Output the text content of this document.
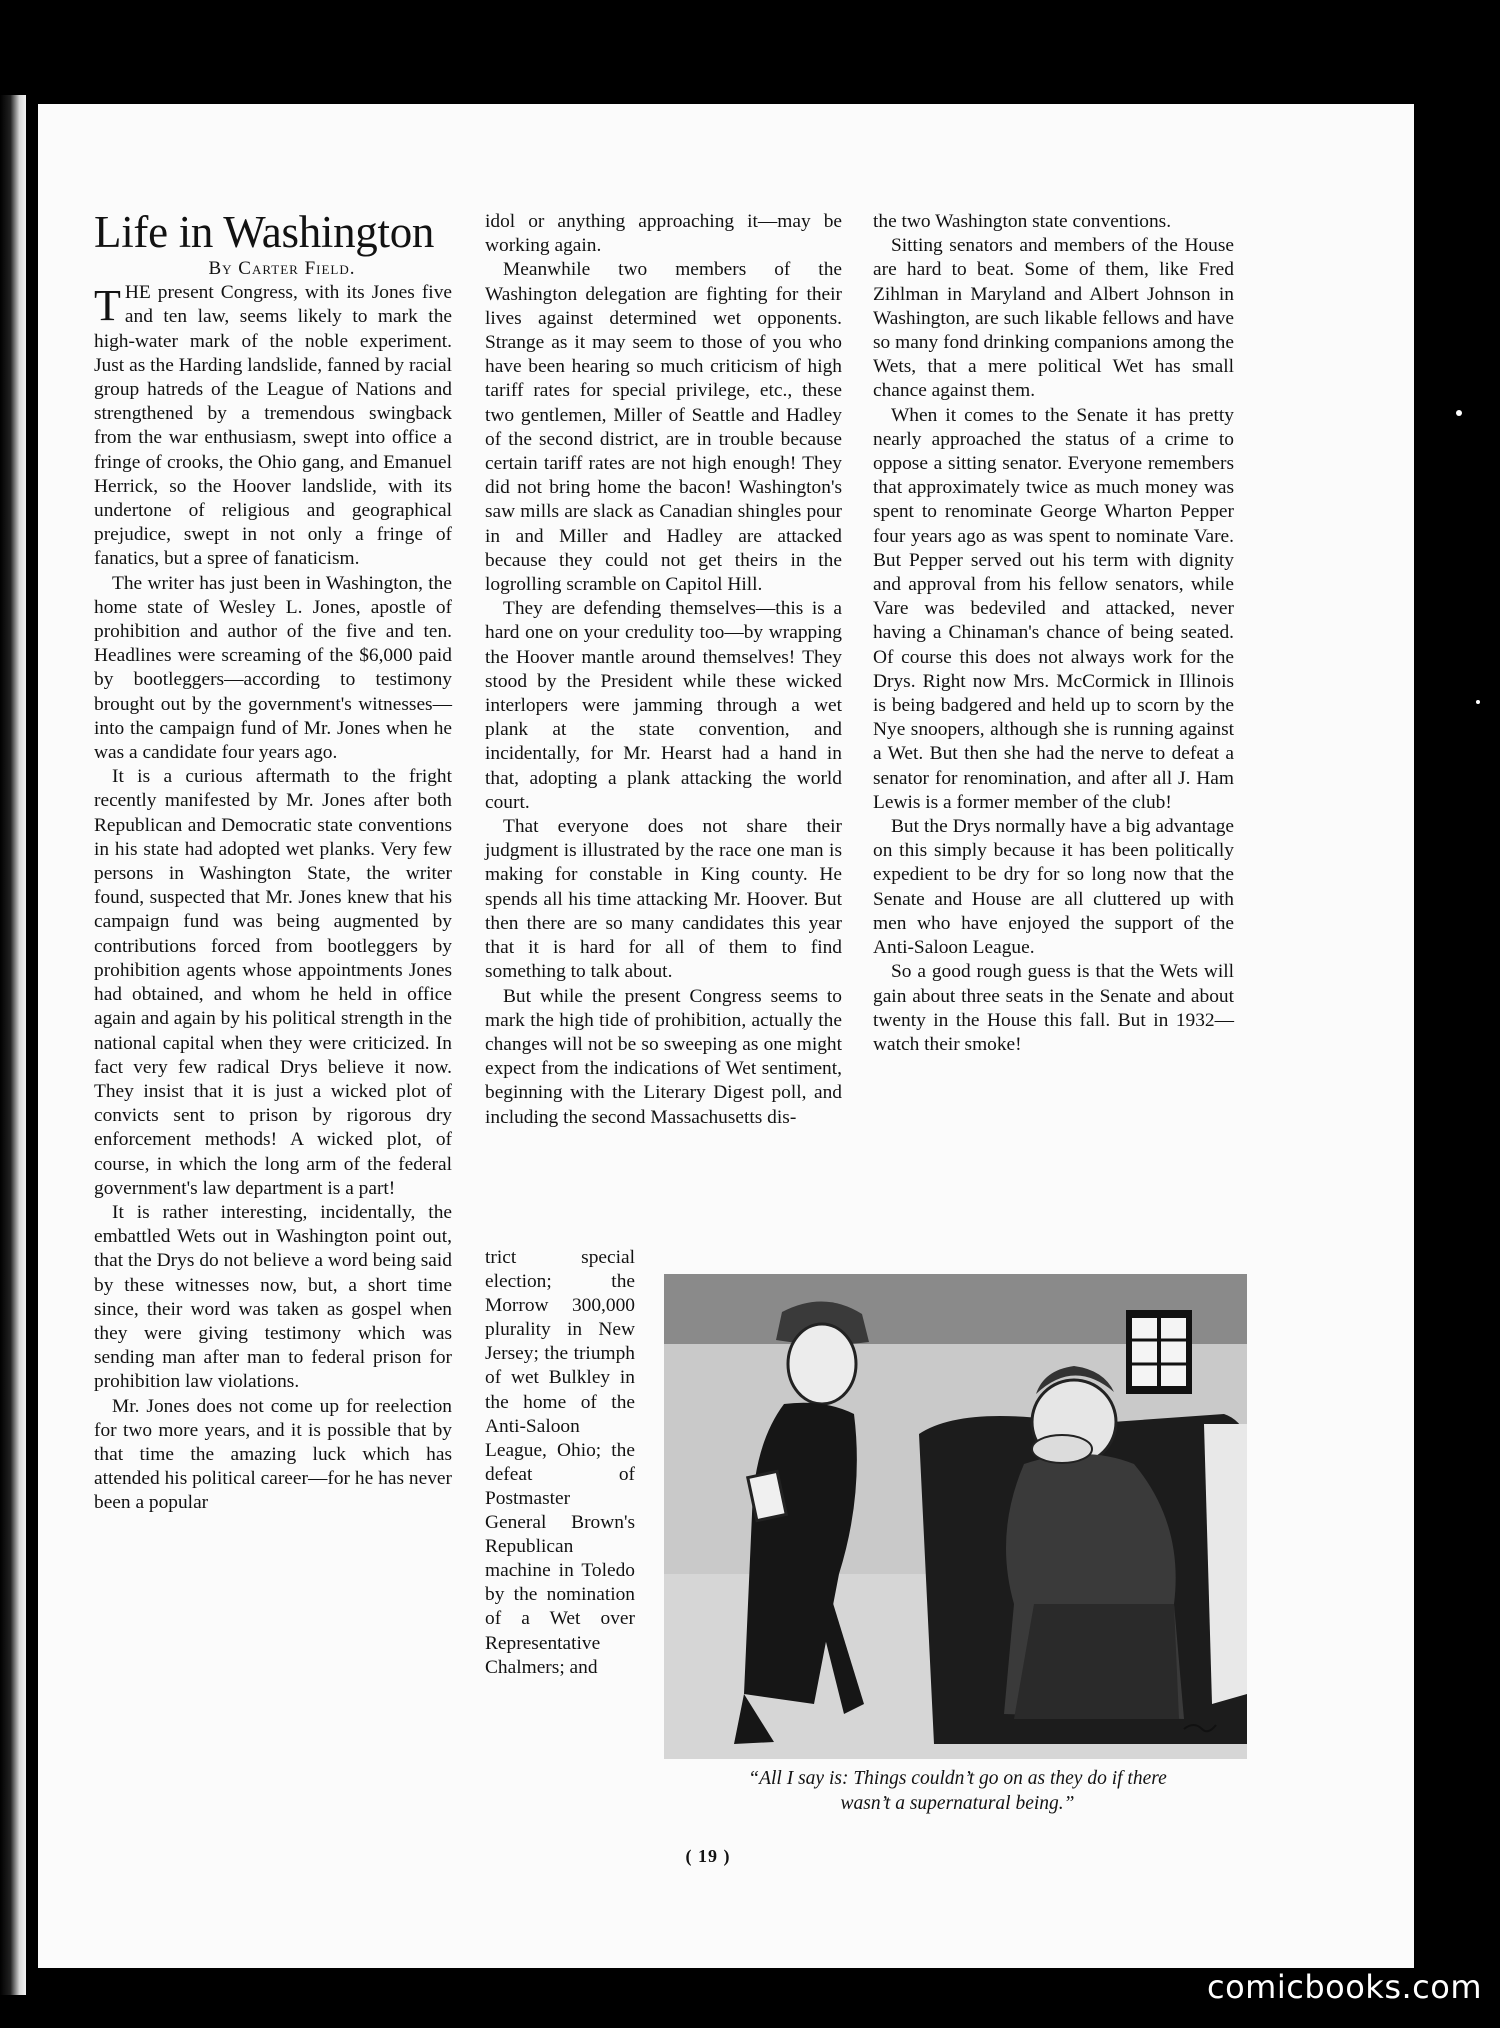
Life in Washington

By Carter Field.

THE present Congress, with its Jones five and ten law, seems likely to mark the high-water mark of the noble experiment. Just as the Harding landslide, fanned by racial group hatreds of the League of Nations and strengthened by a tremendous swingback from the war enthusiasm, swept into office a fringe of crooks, the Ohio gang, and Emanuel Herrick, so the Hoover landslide, with its undertone of religious and geographical prejudice, swept in not only a fringe of fanatics, but a spree of fanaticism.

The writer has just been in Washington, the home state of Wesley L. Jones, apostle of prohibition and author of the five and ten. Headlines were screaming of the $6,000 paid by bootleggers—according to testimony brought out by the government's witnesses—into the campaign fund of Mr. Jones when he was a candidate four years ago.

It is a curious aftermath to the fright recently manifested by Mr. Jones after both Republican and Democratic state conventions in his state had adopted wet planks. Very few persons in Washington State, the writer found, suspected that Mr. Jones knew that his campaign fund was being augmented by contributions forced from bootleggers by prohibition agents whose appointments Jones had obtained, and whom he held in office again and again by his political strength in the national capital when they were criticized. In fact very few radical Drys believe it now. They insist that it is just a wicked plot of convicts sent to prison by rigorous dry enforcement methods! A wicked plot, of course, in which the long arm of the federal government's law department is a part!

It is rather interesting, incidentally, the embattled Wets out in Washington point out, that the Drys do not believe a word being said by these witnesses now, but, a short time since, their word was taken as gospel when they were giving testimony which was sending man after man to federal prison for prohibition law violations.

Mr. Jones does not come up for reelection for two more years, and it is possible that by that time the amazing luck which has attended his political career—for he has never been a popular

idol or anything approaching it—may be working again.

Meanwhile two members of the Washington delegation are fighting for their lives against determined wet opponents. Strange as it may seem to those of you who have been hearing so much criticism of high tariff rates for special privilege, etc., these two gentlemen, Miller of Seattle and Hadley of the second district, are in trouble because certain tariff rates are not high enough! They did not bring home the bacon! Washington's saw mills are slack as Canadian shingles pour in and Miller and Hadley are attacked because they could not get theirs in the logrolling scramble on Capitol Hill.

They are defending themselves—this is a hard one on your credulity too—by wrapping the Hoover mantle around themselves! They stood by the President while these wicked interlopers were jamming through a wet plank at the state convention, and incidentally, for Mr. Hearst had a hand in that, adopting a plank attacking the world court.

That everyone does not share their judgment is illustrated by the race one man is making for constable in King county. He spends all his time attacking Mr. Hoover. But then there are so many candidates this year that it is hard for all of them to find something to talk about.

But while the present Congress seems to mark the high tide of prohibition, actually the changes will not be so sweeping as one might expect from the indications of Wet sentiment, beginning with the Literary Digest poll, and including the second Massachusetts dis-

trict special election; the Morrow 300,000 plurality in New Jersey; the triumph of wet Bulkley in the home of the Anti-Saloon League, Ohio; the defeat of Postmaster General Brown's Republican machine in Toledo by the nomination of a Wet over Representative Chalmers; and

the two Washington state conventions.

Sitting senators and members of the House are hard to beat. Some of them, like Fred Zihlman in Maryland and Albert Johnson in Washington, are such likable fellows and have so many fond drinking companions among the Wets, that a mere political Wet has small chance against them.

When it comes to the Senate it has pretty nearly approached the status of a crime to oppose a sitting senator. Everyone remembers that approximately twice as much money was spent to renominate George Wharton Pepper four years ago as was spent to nominate Vare. But Pepper served out his term with dignity and approval from his fellow senators, while Vare was bedeviled and attacked, never having a Chinaman's chance of being seated. Of course this does not always work for the Drys. Right now Mrs. McCormick in Illinois is being badgered and held up to scorn by the Nye snoopers, although she is running against a Wet. But then she had the nerve to defeat a senator for renomination, and after all J. Ham Lewis is a former member of the club!

But the Drys normally have a big advantage on this simply because it has been politically expedient to be dry for so long now that the Senate and House are all cluttered up with men who have enjoyed the support of the Anti-Saloon League.

So a good rough guess is that the Wets will gain about three seats in the Senate and about twenty in the House this fall. But in 1932—watch their smoke!

“All I say is: Things couldn’t go on as they do if there
wasn’t a supernatural being.”
( 19 )
comicbooks.com
